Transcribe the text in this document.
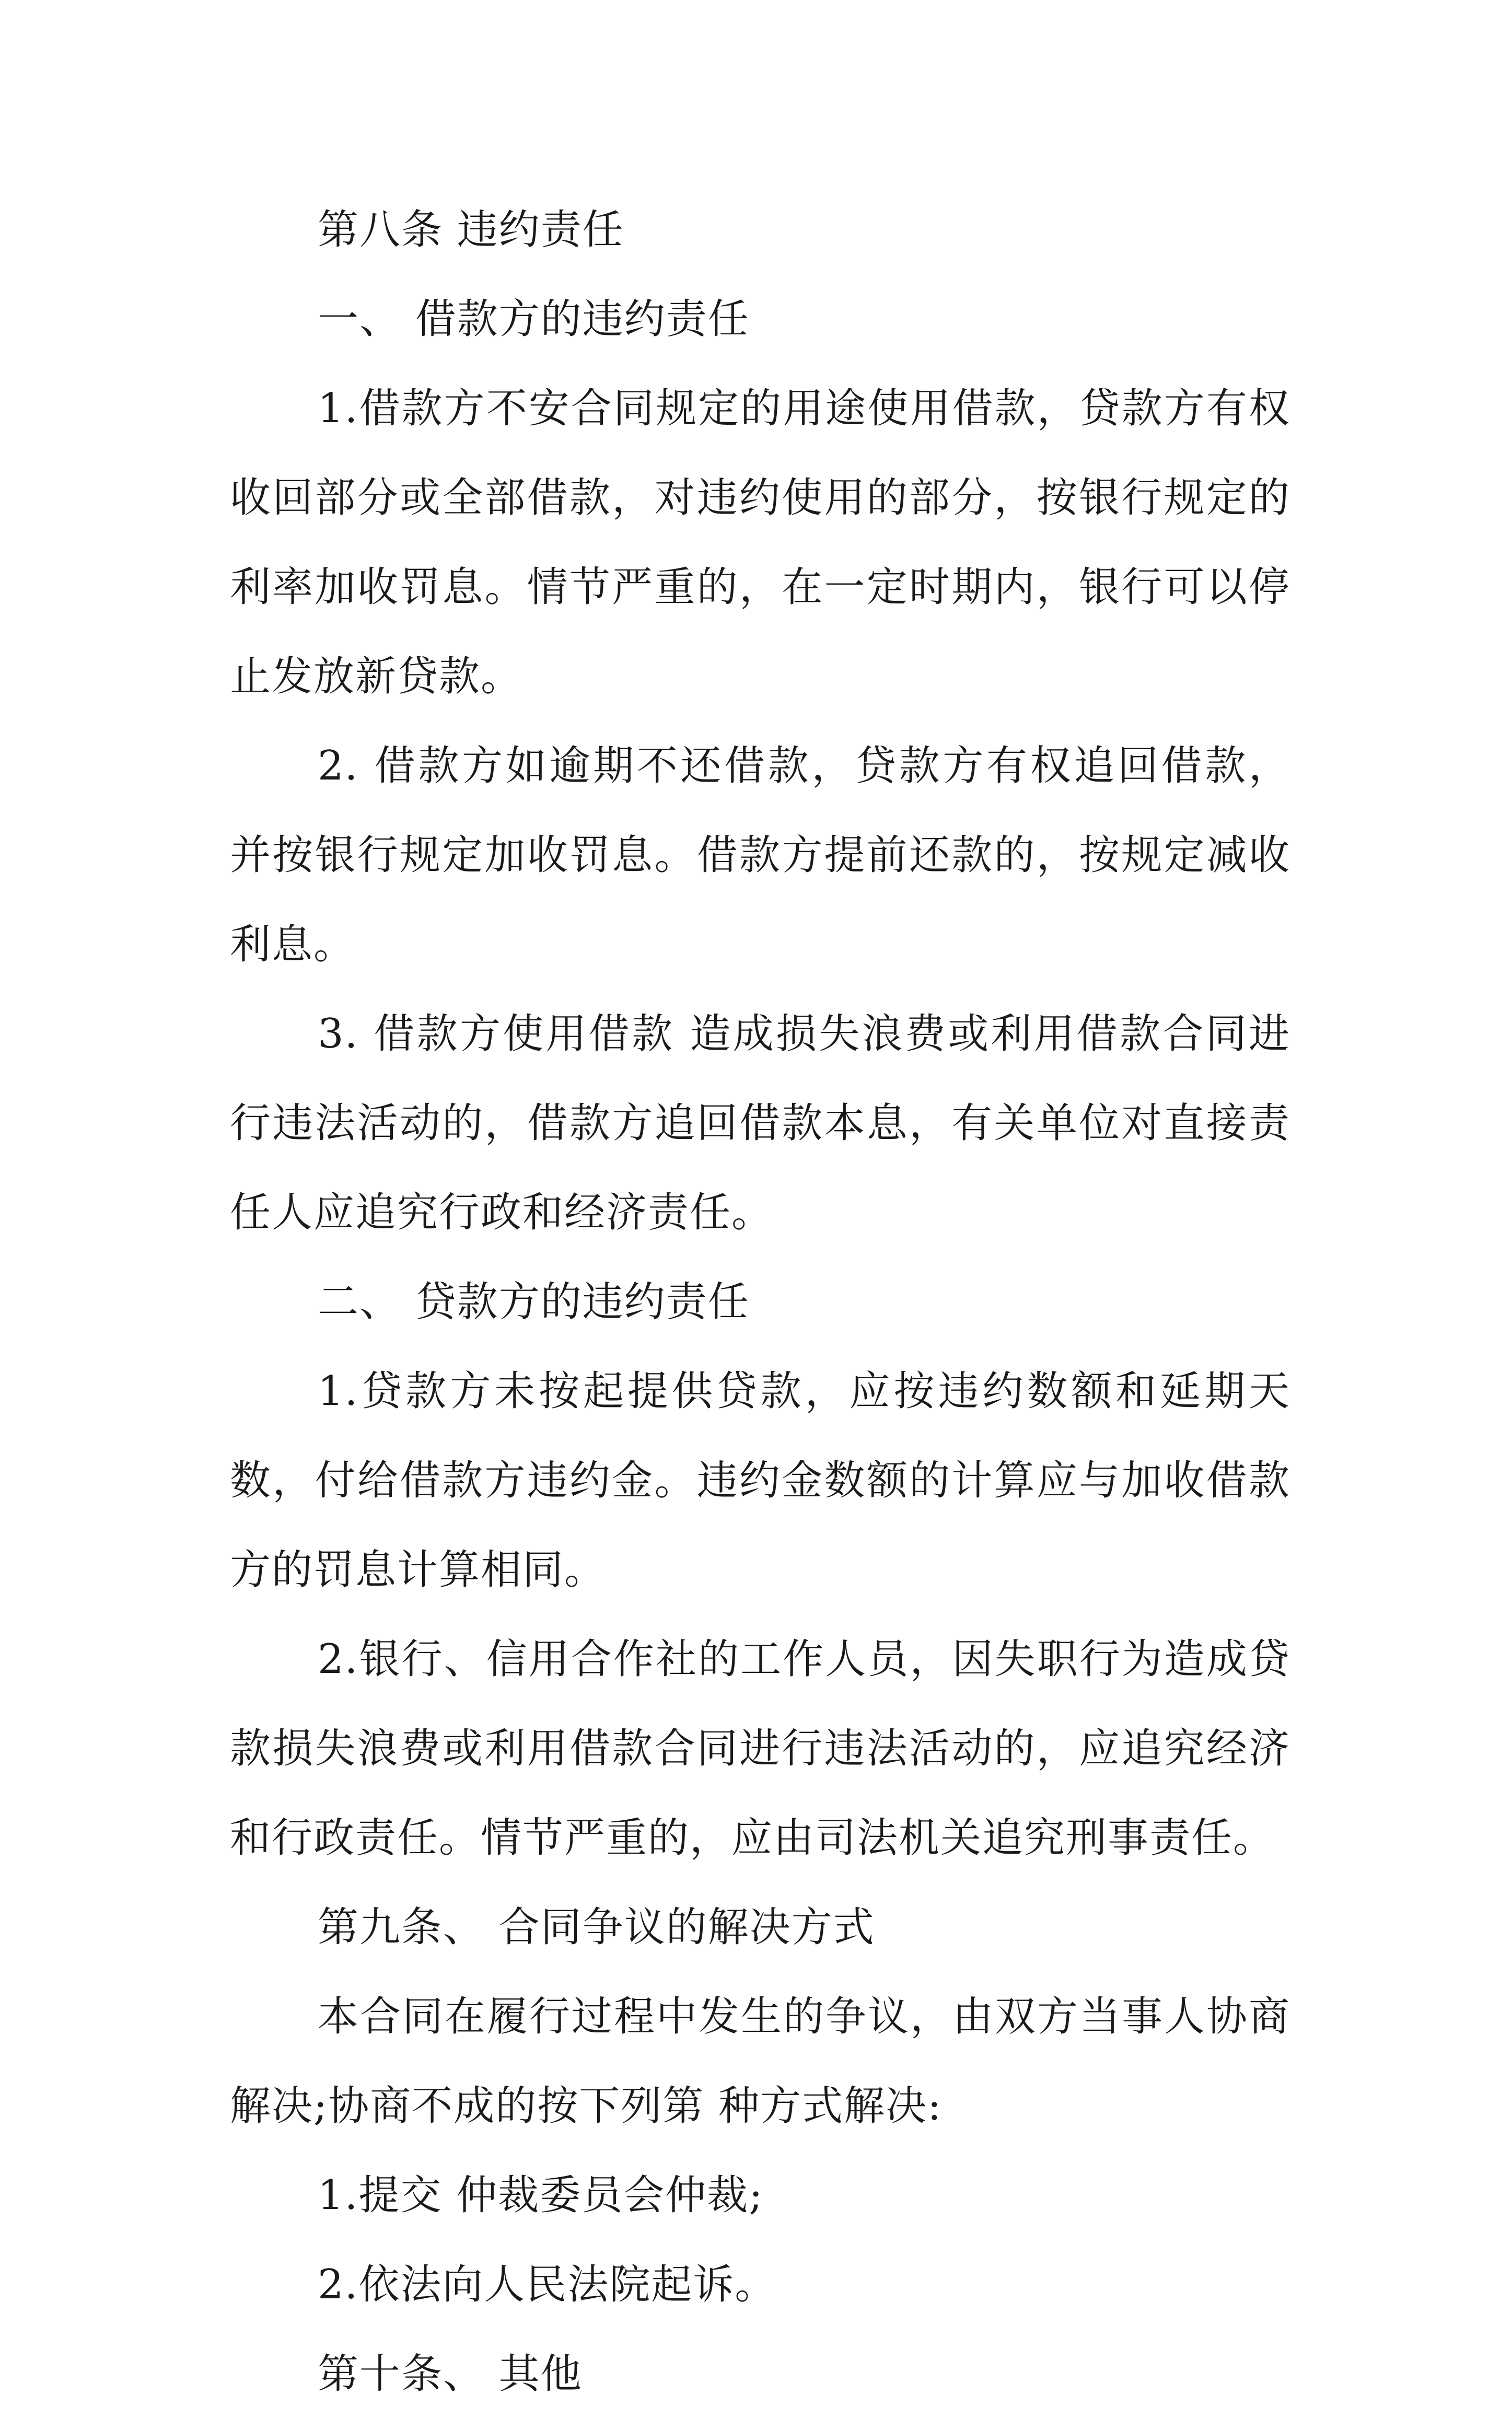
第八条 违约责任

一、 借款方的违约责任

1.借款方不安合同规定的用途使用借款，贷款方有权收回部分或全部借款，对违约使用的部分，按银行规定的利率加收罚息。情节严重的，在一定时期内，银行可以停止发放新贷款。

2. 借款方如逾期不还借款，贷款方有权追回借款，并按银行规定加收罚息。借款方提前还款的，按规定减收利息。

3. 借款方使用借款 造成损失浪费或利用借款合同进行违法活动的，借款方追回借款本息，有关单位对直接责任人应追究行政和经济责任。

二、 贷款方的违约责任

1.贷款方未按起提供贷款，应按违约数额和延期天数，付给借款方违约金。违约金数额的计算应与加收借款方的罚息计算相同。

2.银行、信用合作社的工作人员，因失职行为造成贷款损失浪费或利用借款合同进行违法活动的，应追究经济和行政责任。情节严重的，应由司法机关追究刑事责任。

第九条、 合同争议的解决方式

本合同在履行过程中发生的争议，由双方当事人协商解决;协商不成的按下列第 种方式解决:

1.提交 仲裁委员会仲裁;

2.依法向人民法院起诉。

第十条、 其他
